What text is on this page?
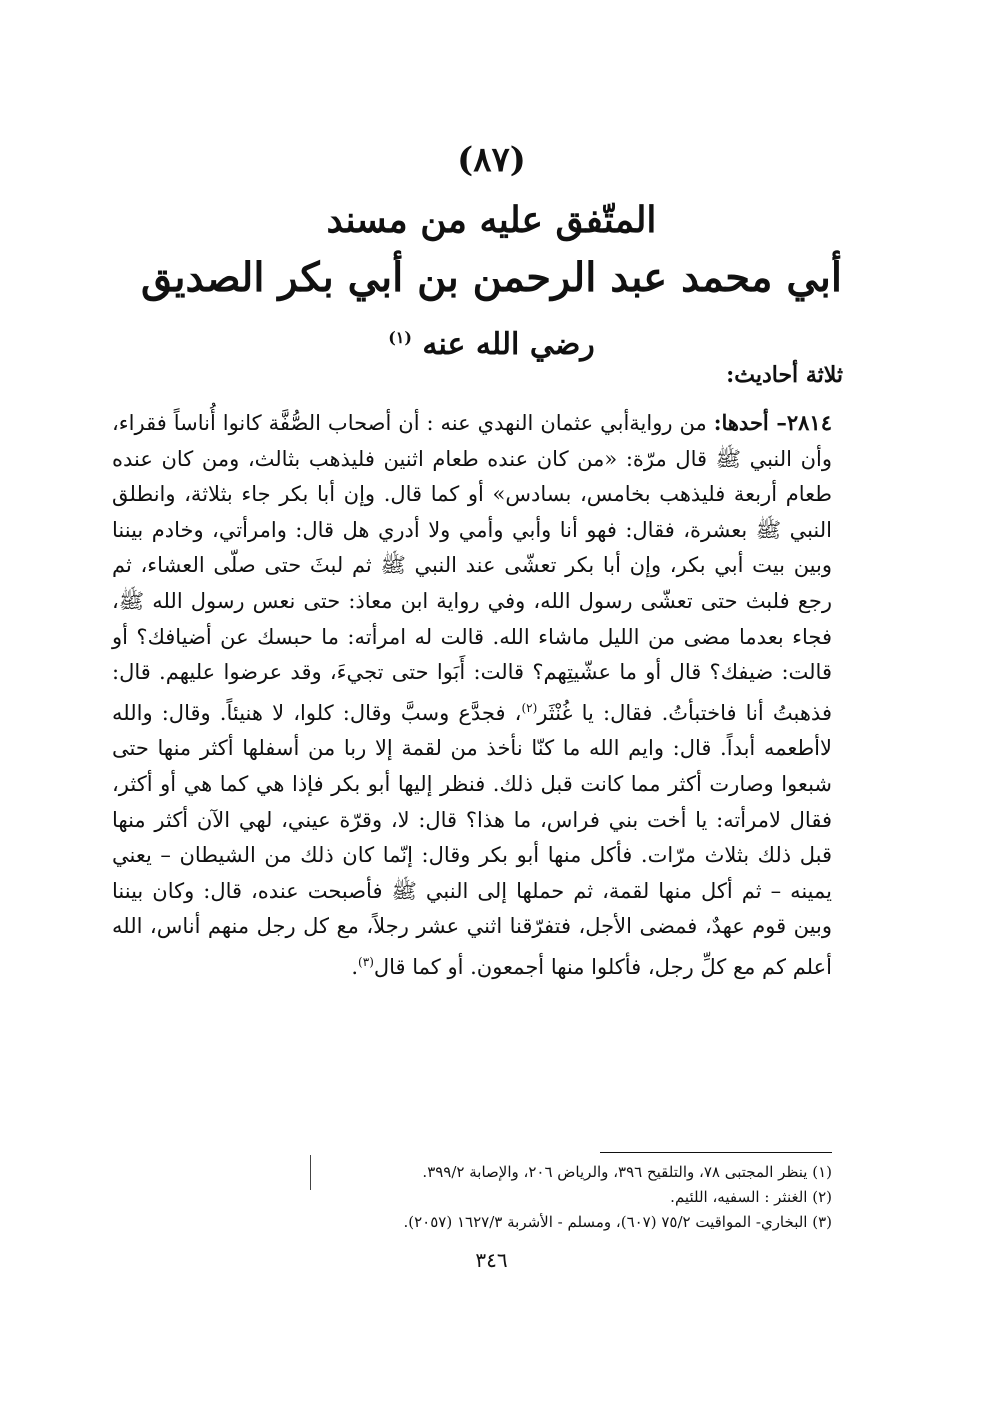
(٨٧)
المتّفق عليه من مسند
أبي محمد عبد الرحمن بن أبي بكر الصديق
رضي الله عنه $^{(١)}$
ثلاثة أحاديث:

٢٨١٤– أحدها: من روايةأبي عثمان النهدي عنه : أن أصحاب الصُّفَّة كانوا أُناساً فقراء، وأن النبي ﷺ قال مرّة: «من كان عنده طعام اثنين فليذهب بثالث، ومن كان عنده طعام أربعة فليذهب بخامس، بسادس» أو كما قال. وإن أبا بكر جاء بثلاثة، وانطلق النبي ﷺ بعشرة، فقال: فهو أنا وأبي وأمي ولا أدري هل قال: وامرأتي، وخادم بيننا وبين بيت أبي بكر، وإن أبا بكر تعشّى عند النبي ﷺ ثم لبثَ حتى صلّى العشاء، ثم رجع فلبث حتى تعشّى رسول الله، وفي رواية ابن معاذ: حتى نعس رسول الله ﷺ، فجاء بعدما مضى من الليل ماشاء الله. قالت له امرأته: ما حبسك عن أضيافك؟ أو قالت: ضيفك؟ قال أو ما عشّيتِهم؟ قالت: أَبَوا حتى تجيءَ، وقد عرضوا عليهم. قال: فذهبتُ أنا فاختبأتُ. فقال: يا غُنْثَر$^{(٢)}$، فجدَّع وسبَّ وقال: كلوا، لا هنيئاً. وقال: والله لاأطعمه أبداً. قال: وايم الله ما كنّا نأخذ من لقمة إلا ربا من أسفلها أكثر منها حتى شبعوا وصارت أكثر مما كانت قبل ذلك. فنظر إليها أبو بكر فإذا هي كما هي أو أكثر، فقال لامرأته: يا أخت بني فراس، ما هذا؟ قال: لا، وقرّة عيني، لهي الآن أكثر منها قبل ذلك بثلاث مرّات. فأكل منها أبو بكر وقال: إنّما كان ذلك من الشيطان – يعني يمينه – ثم أكل منها لقمة، ثم حملها إلى النبي ﷺ فأصبحت عنده، قال: وكان بيننا وبين قوم عهدٌ، فمضى الأجل، فتفرّقنا اثني عشر رجلاً، مع كل رجل منهم أناس، الله أعلم كم مع كلِّ رجل، فأكلوا منها أجمعون. أو كما قال$^{(٣)}$.

(١) ينظر المجتبى ٧٨، والتلقيح ٣٩٦، والرياض ٢٠٦، والإصابة ٣٩٩/٢.
(٢) الغنثر : السفيه، اللئيم.
(٣) البخاري- المواقيت ٧٥/٢ (٦٠٧)، ومسلم - الأشربة ١٦٢٧/٣ (٢٠٥٧).
٣٤٦
